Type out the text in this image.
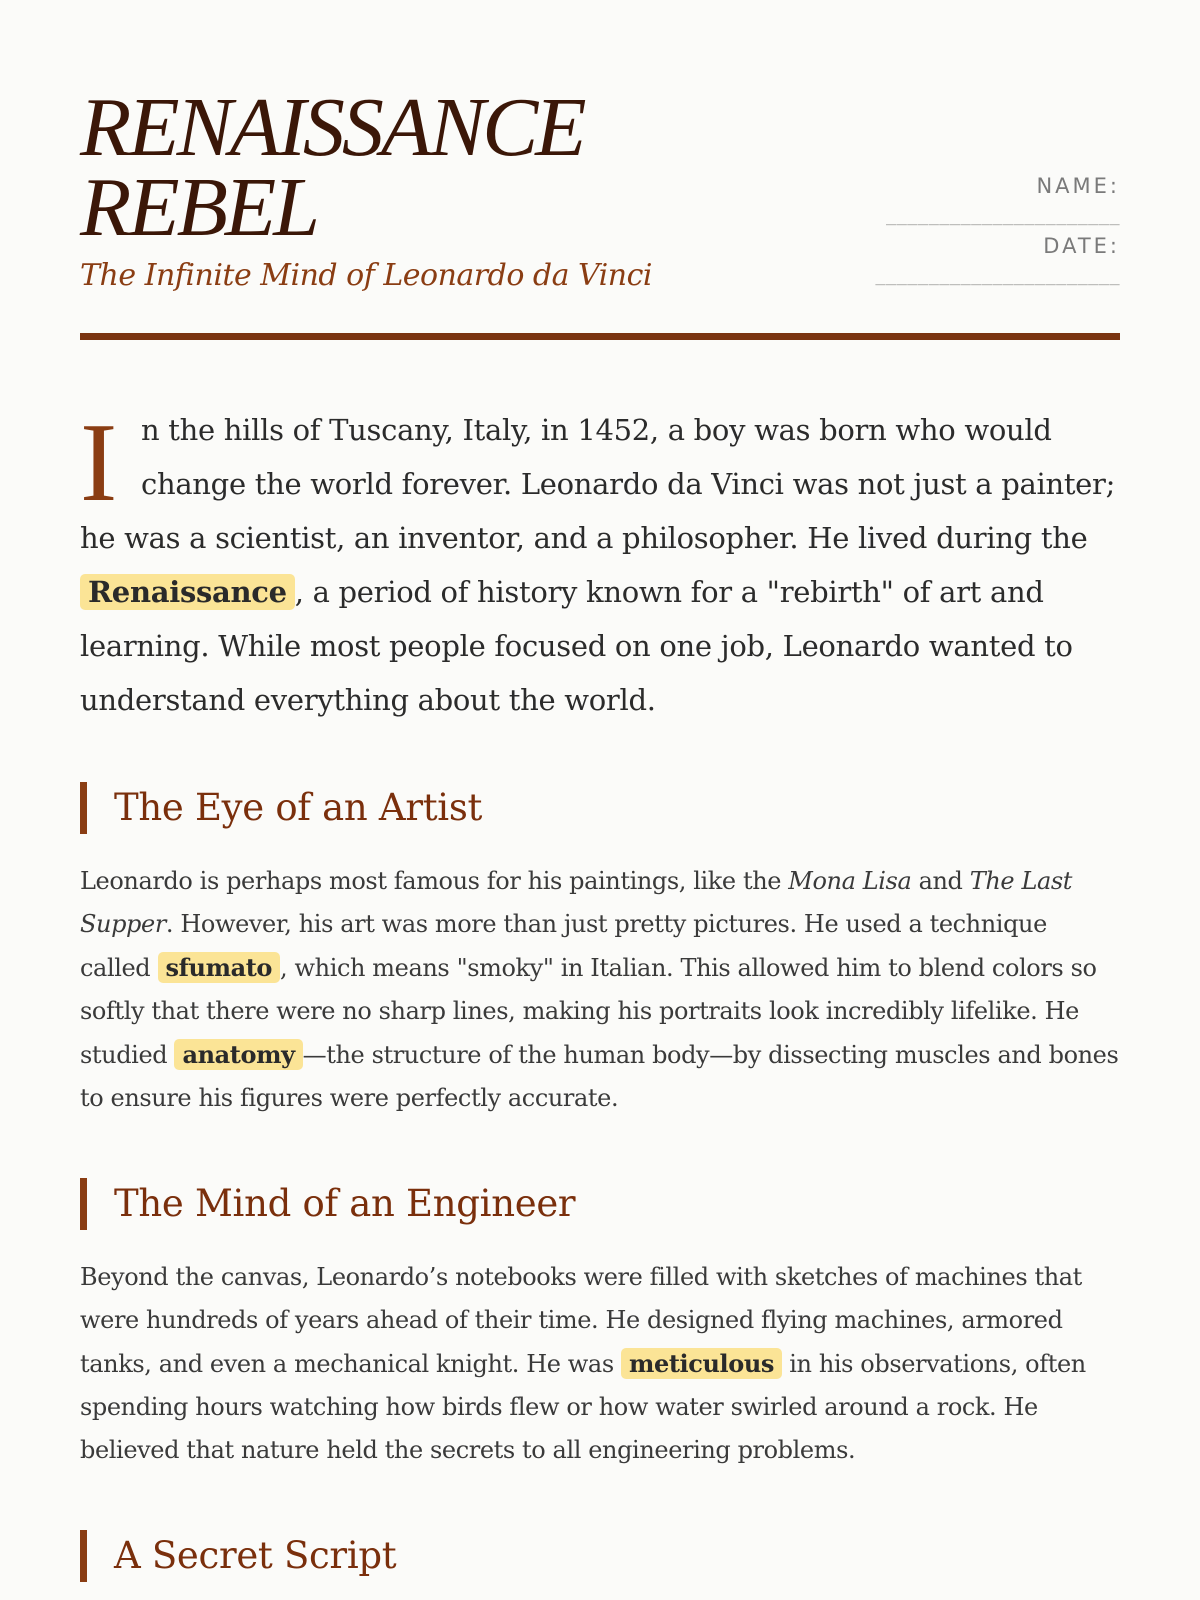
RENAISSANCE
REBEL

The Infinite Mind of Leonardo da Vinci

NAME:
______________________
DATE:
_______________________

In the hills of Tuscany, Italy, in 1452, a boy was born who would change the world forever. Leonardo da Vinci was not just a painter; he was a scientist, an inventor, and a philosopher. He lived during the Renaissance , a period of history known for a "rebirth" of art and learning. While most people focused on one job, Leonardo wanted to understand everything about the world.

The Eye of an Artist

Leonardo is perhaps most famous for his paintings, like the Mona Lisa and The Last Supper. However, his art was more than just pretty pictures. He used a technique called sfumato , which means "smoky" in Italian. This allowed him to blend colors so softly that there were no sharp lines, making his portraits look incredibly lifelike. He studied anatomy —the structure of the human body—by dissecting muscles and bones to ensure his figures were perfectly accurate.

The Mind of an Engineer

Beyond the canvas, Leonardo’s notebooks were filled with sketches of machines that were hundreds of years ahead of their time. He designed flying machines, armored tanks, and even a mechanical knight. He was meticulous in his observations, often spending hours watching how birds flew or how water swirled around a rock. He believed that nature held the secrets to all engineering problems.

A Secret Script
